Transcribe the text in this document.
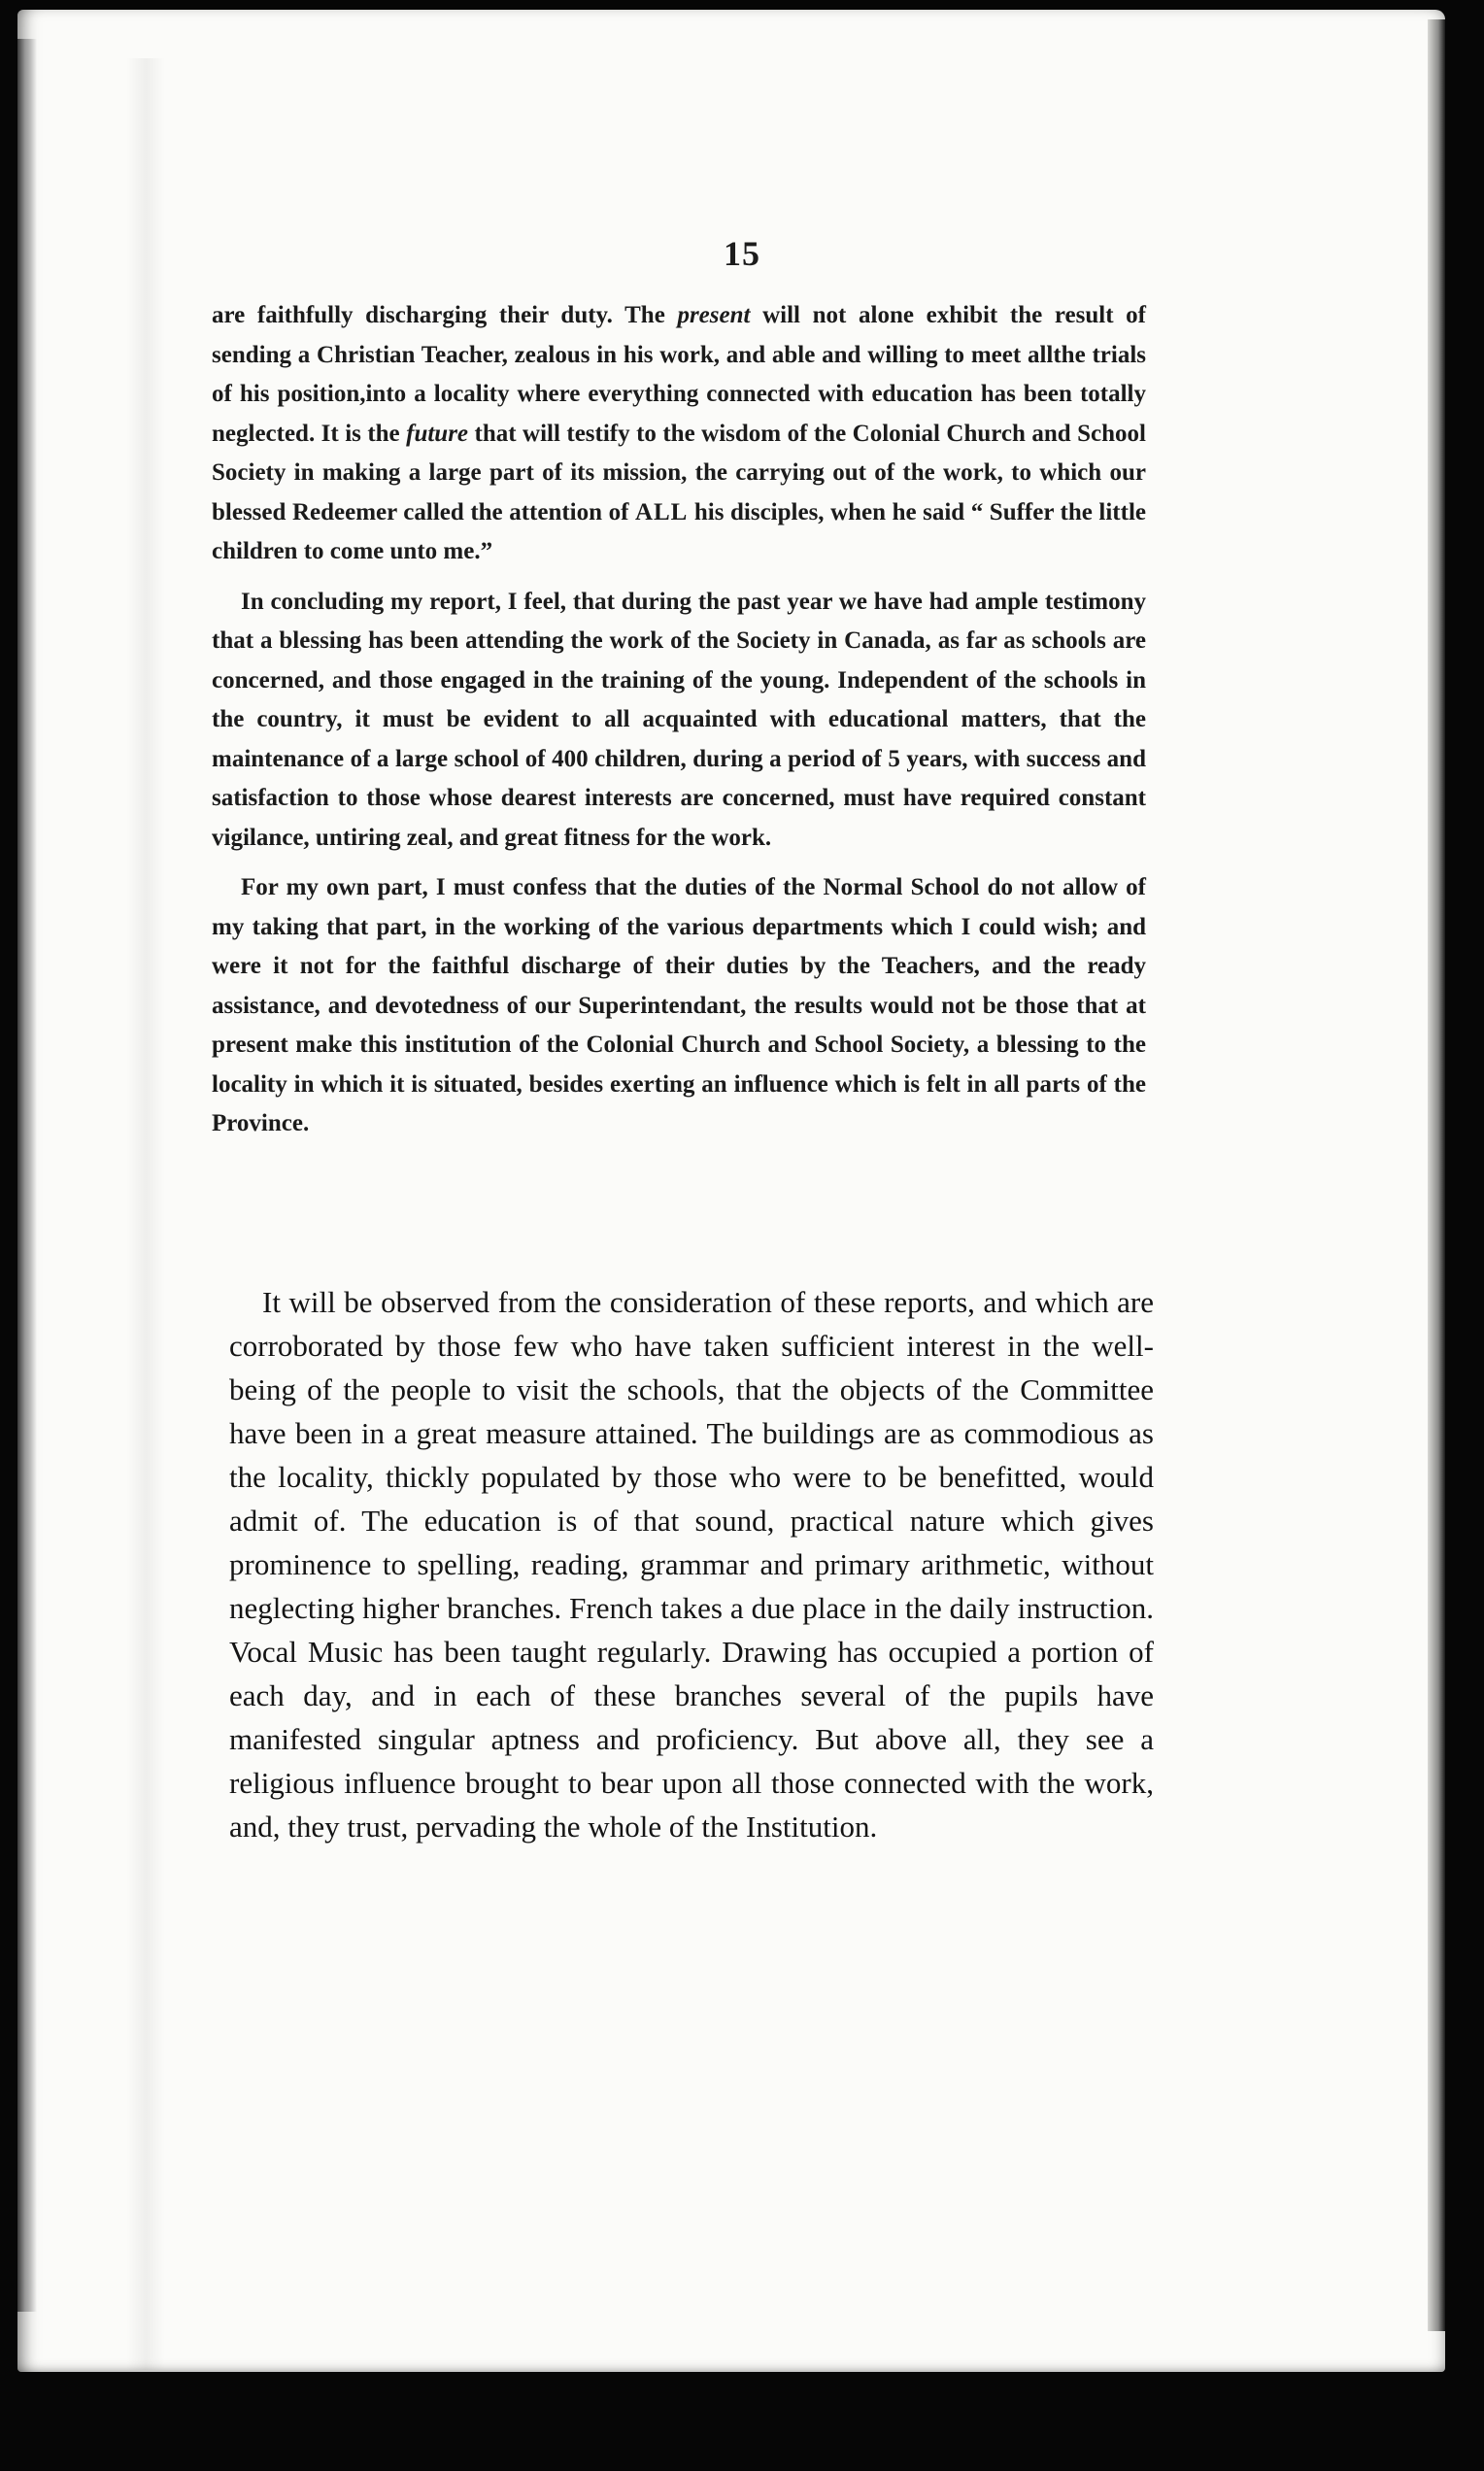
15

are faithfully discharging their duty. The present will not alone exhibit the result of sending a Christian Teacher, zealous in his work, and able and willing to meet allthe trials of his position,into a locality where everything connected with education has been totally neglected. It is the future that will testify to the wisdom of the Colonial Church and School Society in making a large part of its mission, the carrying out of the work, to which our blessed Redeemer called the attention of ALL his disciples, when he said “ Suffer the little children to come unto me.”

In concluding my report, I feel, that during the past year we have had ample testimony that a blessing has been attending the work of the Society in Canada, as far as schools are concerned, and those engaged in the training of the young. Independent of the schools in the country, it must be evident to all acquainted with educational matters, that the maintenance of a large school of 400 children, during a period of 5 years, with success and satisfaction to those whose dearest interests are concerned, must have required constant vigilance, untiring zeal, and great fitness for the work.

For my own part, I must confess that the duties of the Normal School do not allow of my taking that part, in the working of the various departments which I could wish; and were it not for the faithful discharge of their duties by the Teachers, and the ready assistance, and devotedness of our Superintendant, the results would not be those that at present make this institution of the Colonial Church and School Society, a blessing to the locality in which it is situated, besides exerting an influence which is felt in all parts of the Province.

It will be observed from the consideration of these reports, and which are corroborated by those few who have taken sufficient interest in the well-being of the people to visit the schools, that the objects of the Committee have been in a great measure attained. The buildings are as commodious as the locality, thickly populated by those who were to be benefitted, would admit of. The education is of that sound, practical nature which gives prominence to spelling, reading, grammar and primary arithmetic, without neglecting higher branches. French takes a due place in the daily instruction. Vocal Music has been taught regularly. Drawing has occupied a portion of each day, and in each of these branches several of the pupils have manifested singular aptness and proficiency. But above all, they see a religious influence brought to bear upon all those connected with the work, and, they trust, pervading the whole of the Institution.
